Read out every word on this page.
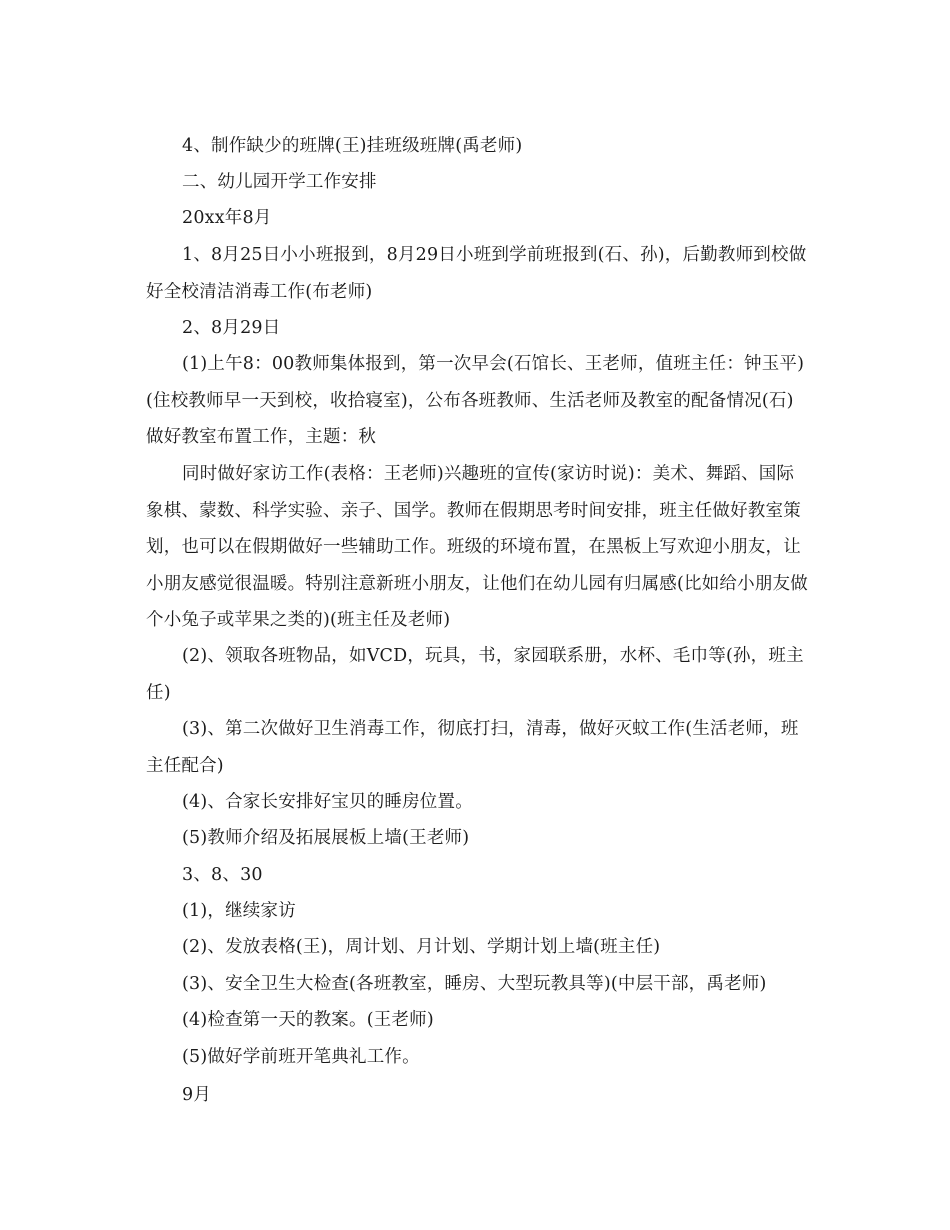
4、制作缺少的班牌(王)挂班级班牌(禹老师)

二、幼儿园开学工作安排

20xx年8月

1、8月25日小小班报到，8月29日小班到学前班报到(石、孙)，后勤教师到校做好全校清洁消毒工作(布老师)

2、8月29日

(1)上午8：00教师集体报到，第一次早会(石馆长、王老师，值班主任：钟玉平)(住校教师早一天到校，收拾寝室)，公布各班教师、生活老师及教室的配备情况(石)做好教室布置工作，主题：秋

同时做好家访工作(表格：王老师)兴趣班的宣传(家访时说)：美术、舞蹈、国际象棋、蒙数、科学实验、亲子、国学。教师在假期思考时间安排，班主任做好教室策划，也可以在假期做好一些辅助工作。班级的环境布置，在黑板上写欢迎小朋友，让小朋友感觉很温暖。特别注意新班小朋友，让他们在幼儿园有归属感(比如给小朋友做个小兔子或苹果之类的)(班主任及老师)

(2)、领取各班物品，如VCD，玩具，书，家园联系册，水杯、毛巾等(孙，班主任)

(3)、第二次做好卫生消毒工作，彻底打扫，清毒，做好灭蚊工作(生活老师，班主任配合)

(4)、合家长安排好宝贝的睡房位置。

(5)教师介绍及拓展展板上墙(王老师)

3、8、30

(1)，继续家访

(2)、发放表格(王)，周计划、月计划、学期计划上墙(班主任)

(3)、安全卫生大检查(各班教室，睡房、大型玩教具等)(中层干部，禹老师)

(4)检查第一天的教案。(王老师)

(5)做好学前班开笔典礼工作。

9月
